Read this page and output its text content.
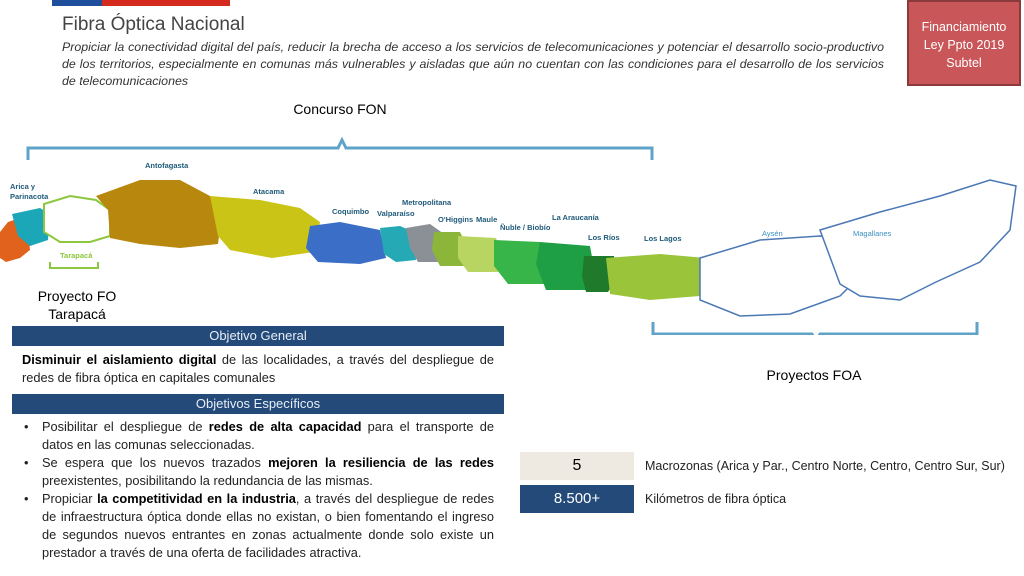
Fibra Óptica Nacional
Propiciar la conectividad digital del país, reducir la brecha de acceso a los servicios de telecomunicaciones y potenciar el desarrollo socio-productivo de los territorios, especialmente en comunas más vulnerables y aisladas que aún no cuentan con las condiciones para el desarrollo de los servicios de telecomunicaciones
Financiamiento
Ley Ppto 2019
Subtel
Arica y
Parinacota
Tarapacá
Antofagasta
Atacama
Coquimbo Valparaíso
Metropolitana
O'Higgins Maule
Ñuble / Biobío
La Araucanía
Los Ríos	Los Lagos
Aysén	Magallanes
Concurso FON
Proyecto FO
Tarapacá
Proyectos FOA
Objetivo General
Disminuir el aislamiento digital de las localidades, a través del despliegue de redes de fibra óptica en capitales comunales
Objetivos Específicos
• Posibilitar el despliegue de redes de alta capacidad para el transporte de datos en las comunas seleccionadas.
• Se espera que los nuevos trazados mejoren la resiliencia de las redes preexistentes, posibilitando la redundancia de las mismas.
• Propiciar la competitividad en la industria, a través del despliegue de redes de infraestructura óptica donde ellas no existan, o bien fomentando el ingreso de segundos nuevos entrantes en zonas actualmente donde solo existe un prestador a través de una oferta de facilidades atractiva.
5	Macrozonas (Arica y Par., Centro Norte, Centro, Centro Sur, Sur)
8.500+	Kilómetros de fibra óptica
